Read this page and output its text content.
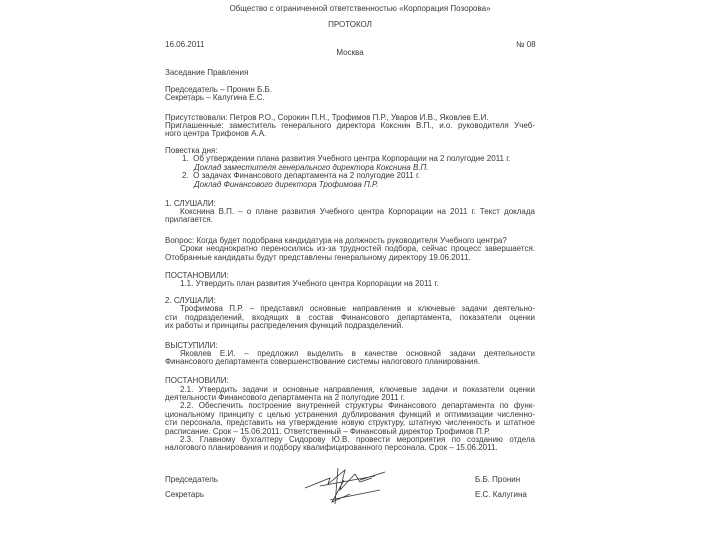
Общество с ограниченной ответственностью «Корпорация Позорова»
ПРОТОКОЛ
16.06.2011	№ 08
Москва
Заседание Правления
Председатель – Пронин Б.Б.
Секретарь – Калугина Е.С.
Присутствовали: Петров Р.О., Сорокин П.Н., Трофимов П.Р., Уваров И.В., Яковлев Е.И.
Приглашенные: заместитель генерального директора Кокснин В.П., и.о. руководителя Учеб-
ного центра Трифонов А.А.
Повестка дня:
1. Об утверждении плана развития Учебного центра Корпорации на 2 полугодие 2011 г.
Доклад заместителя генерального директора Кокснина В.П.
2. О задачах Финансового департамента на 2 полугодие 2011 г.
Доклад Финансового директора Трофимова П.Р.
1. СЛУШАЛИ:
Кокснина В.П. – о плане развития Учебного центра Корпорации на 2011 г. Текст доклада
прилагается.
Вопрос: Когда будет подобрана кандидатура на должность руководителя Учебного центра?
Сроки неоднократно переносились из-за трудностей подбора, сейчас процесс завершается.
Отобранные кандидаты будут представлены генеральному директору 19.06.2011.
ПОСТАНОВИЛИ:
1.1. Утвердить план развития Учебного центра Корпорации на 2011 г.
2. СЛУШАЛИ:
Трофимова П.Р. – представил основные направления и ключевые задачи деятельно-
сти подразделений, входящих в состав Финансового департамента, показатели оценки
их работы и принципы распределения функций подразделений.
ВЫСТУПИЛИ:
Яковлев Е.И. – предложил выделить в качестве основной задачи деятельности
Финансового департамента совершенствование системы налогового планирования.
ПОСТАНОВИЛИ:
2.1. Утвердить задачи и основные направления, ключевые задачи и показатели оценки
деятельности Финансового департамента на 2 полугодие 2011 г.
2.2. Обеспечить построение внутренней структуры Финансового департамента по функ-
циональному принципу с целью устранения дублирования функций и оптимизации численно-
сти персонала, представить на утверждение новую структуру, штатную численность и штатное
расписание. Срок – 15.06.2011. Ответственный – Финансовый директор Трофимов П.Р.
2.3. Главному бухгалтеру Сидорову Ю.В. провести мероприятия по созданию отдела
налогового планирования и подбору квалифицированного персонала. Срок – 15.06.2011.
Председатель	Б.Б. Пронин
Секретарь	Е.С. Калугина
